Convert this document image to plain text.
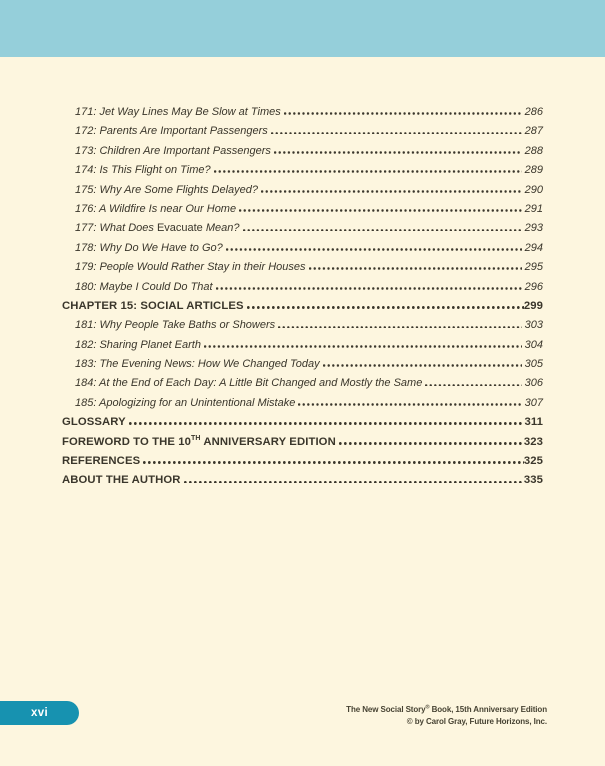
171: Jet Way Lines May Be Slow at Times	286
172: Parents Are Important Passengers	287
173: Children Are Important Passengers	288
174: Is This Flight on Time?	289
175: Why Are Some Flights Delayed?	290
176: A Wildfire Is near Our Home	291
177: What Does Evacuate Mean?	293
178: Why Do We Have to Go?	294
179: People Would Rather Stay in their Houses	295
180: Maybe I Could Do That	296
CHAPTER 15: SOCIAL ARTICLES	299
181: Why People Take Baths or Showers	303
182: Sharing Planet Earth	304
183: The Evening News: How We Changed Today	305
184: At the End of Each Day: A Little Bit Changed and Mostly the Same	306
185: Apologizing for an Unintentional Mistake	307
GLOSSARY	311
FOREWORD TO THE 10TH ANNIVERSARY EDITION	323
REFERENCES	325
ABOUT THE AUTHOR	335
xvi	The New Social Story® Book, 15th Anniversary Edition
© by Carol Gray, Future Horizons, Inc.
